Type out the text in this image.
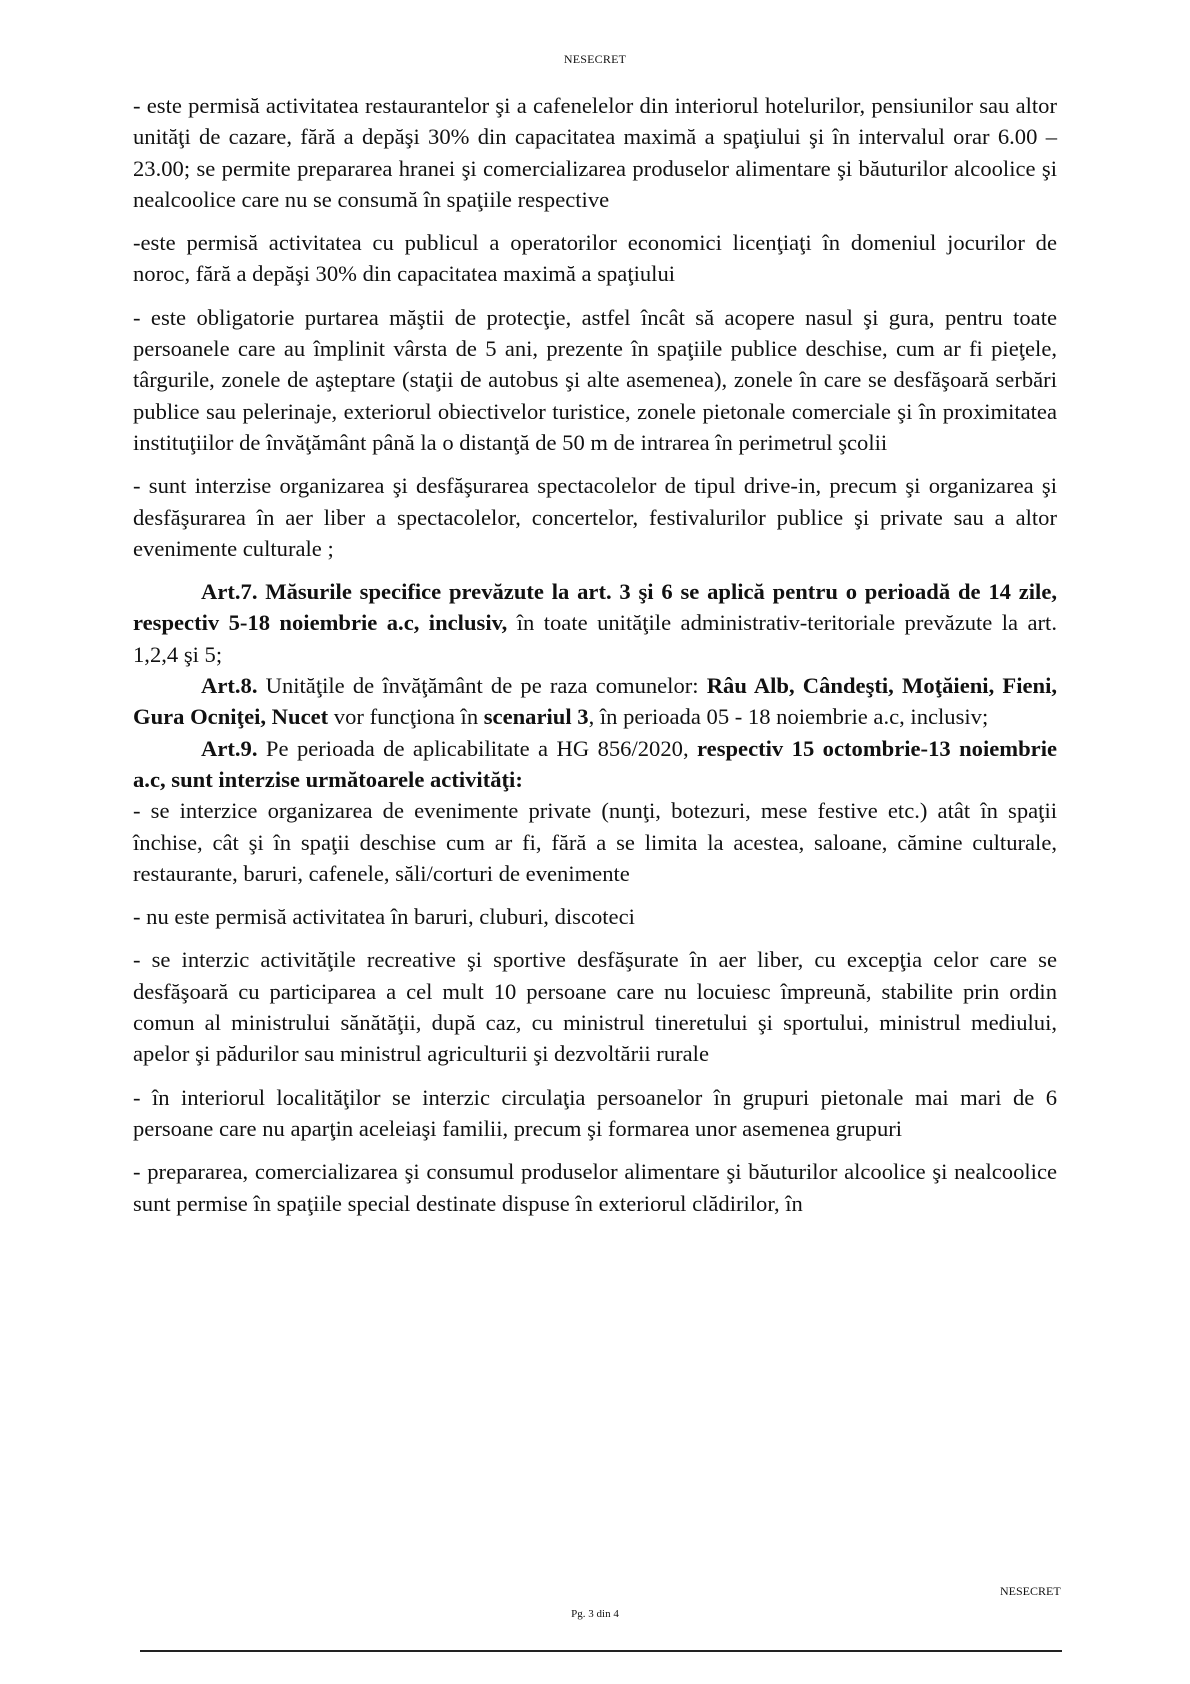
NESECRET

- este permisă activitatea restaurantelor şi a cafenelelor din interiorul hotelurilor, pensiunilor sau altor unităţi de cazare, fără a depăşi 30% din capacitatea maximă a spaţiului şi în intervalul orar 6.00 – 23.00; se permite prepararea hranei şi comercializarea produselor alimentare şi băuturilor alcoolice şi nealcoolice care nu se consumă în spaţiile respective

-este permisă activitatea cu publicul a operatorilor economici licenţiaţi în domeniul jocurilor de noroc, fără a depăşi 30% din capacitatea maximă a spaţiului

- este obligatorie purtarea măştii de protecţie, astfel încât să acopere nasul şi gura, pentru toate persoanele care au împlinit vârsta de 5 ani, prezente în spaţiile publice deschise, cum ar fi pieţele, târgurile, zonele de aşteptare (staţii de autobus şi alte asemenea), zonele în care se desfăşoară serbări publice sau pelerinaje, exteriorul obiectivelor turistice, zonele pietonale comerciale şi în proximitatea instituţiilor de învăţământ până la o distanţă de 50 m de intrarea în perimetrul şcolii

- sunt interzise organizarea şi desfăşurarea spectacolelor de tipul drive-in, precum şi organizarea şi desfăşurarea în aer liber a spectacolelor, concertelor, festivalurilor publice şi private sau a altor evenimente culturale ;

Art.7. Măsurile specifice prevăzute la art. 3 şi 6 se aplică pentru o perioadă de 14 zile, respectiv 5-18 noiembrie a.c, inclusiv, în toate unităţile administrativ-teritoriale prevăzute la art. 1,2,4 şi 5;

Art.8. Unităţile de învăţământ de pe raza comunelor: Râu Alb, Cândeşti, Moţăieni, Fieni, Gura Ocniţei, Nucet vor funcţiona în scenariul 3, în perioada 05 - 18 noiembrie a.c, inclusiv;

Art.9. Pe perioada de aplicabilitate a HG 856/2020, respectiv 15 octombrie-13 noiembrie a.c, sunt interzise următoarele activităţi:

- se interzice organizarea de evenimente private (nunţi, botezuri, mese festive etc.) atât în spaţii închise, cât şi în spaţii deschise cum ar fi, fără a se limita la acestea, saloane, cămine culturale, restaurante, baruri, cafenele, săli/corturi de evenimente

- nu este permisă activitatea în baruri, cluburi, discoteci

- se interzic activităţile recreative şi sportive desfăşurate în aer liber, cu excepţia celor care se desfăşoară cu participarea a cel mult 10 persoane care nu locuiesc împreună, stabilite prin ordin comun al ministrului sănătăţii, după caz, cu ministrul tineretului şi sportului, ministrul mediului, apelor şi pădurilor sau ministrul agriculturii şi dezvoltării rurale

- în interiorul localităţilor se interzic circulaţia persoanelor în grupuri pietonale mai mari de 6 persoane care nu aparţin aceleiaşi familii, precum şi formarea unor asemenea grupuri

- prepararea, comercializarea şi consumul produselor alimentare şi băuturilor alcoolice şi nealcoolice sunt permise în spaţiile special destinate dispuse în exteriorul clădirilor, în

NESECRET
Pg. 3 din 4
